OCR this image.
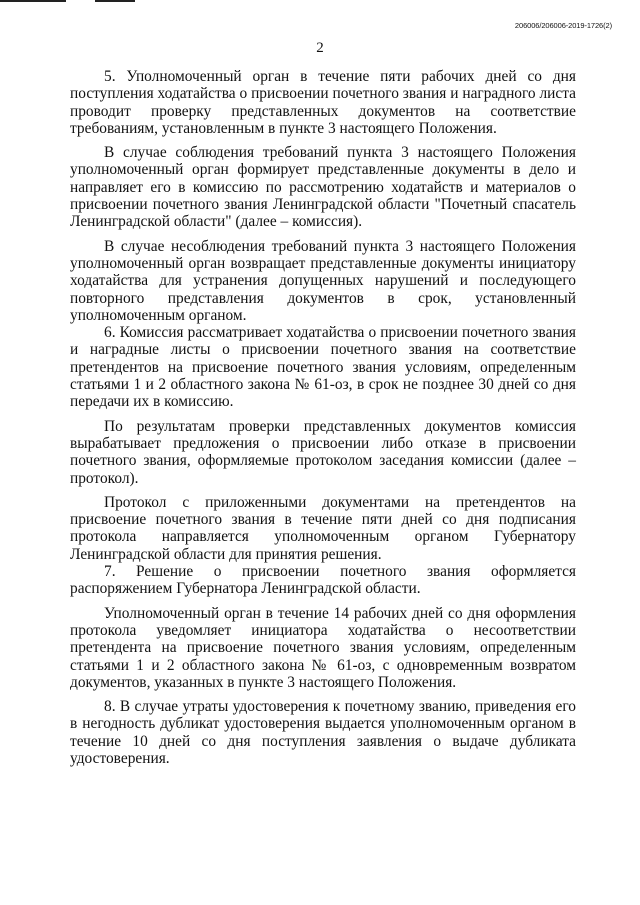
206006/206006-2019-1726(2)
2

5. Уполномоченный орган в течение пяти рабочих дней со дня поступления ходатайства о присвоении почетного звания и наградного листа проводит проверку представленных документов на соответствие требованиям, установленным в пункте 3 настоящего Положения.

В случае соблюдения требований пункта 3 настоящего Положения уполномоченный орган формирует представленные документы в дело и направляет его в комиссию по рассмотрению ходатайств и материалов о присвоении почетного звания Ленинградской области "Почетный спасатель Ленинградской области" (далее – комиссия).

В случае несоблюдения требований пункта 3 настоящего Положения уполномоченный орган возвращает представленные документы инициатору ходатайства для устранения допущенных нарушений и последующего повторного представления документов в срок, установленный уполномоченным органом.

6. Комиссия рассматривает ходатайства о присвоении почетного звания и наградные листы о присвоении почетного звания на соответствие претендентов на присвоение почетного звания условиям, определенным статьями 1 и 2 областного закона № 61-оз, в срок не позднее 30 дней со дня передачи их в комиссию.

По результатам проверки представленных документов комиссия вырабатывает предложения о присвоении либо отказе в присвоении почетного звания, оформляемые протоколом заседания комиссии (далее – протокол).

Протокол с приложенными документами на претендентов на присвоение почетного звания в течение пяти дней со дня подписания протокола направляется уполномоченным органом Губернатору Ленинградской области для принятия решения.

7. Решение о присвоении почетного звания оформляется распоряжением Губернатора Ленинградской области.

Уполномоченный орган в течение 14 рабочих дней со дня оформления протокола уведомляет инициатора ходатайства о несоответствии претендента на присвоение почетного звания условиям, определенным статьями 1 и 2 областного закона № 61-оз, с одновременным возвратом документов, указанных в пункте 3 настоящего Положения.

8. В случае утраты удостоверения к почетному званию, приведения его в негодность дубликат удостоверения выдается уполномоченным органом в течение 10 дней со дня поступления заявления о выдаче дубликата удостоверения.
